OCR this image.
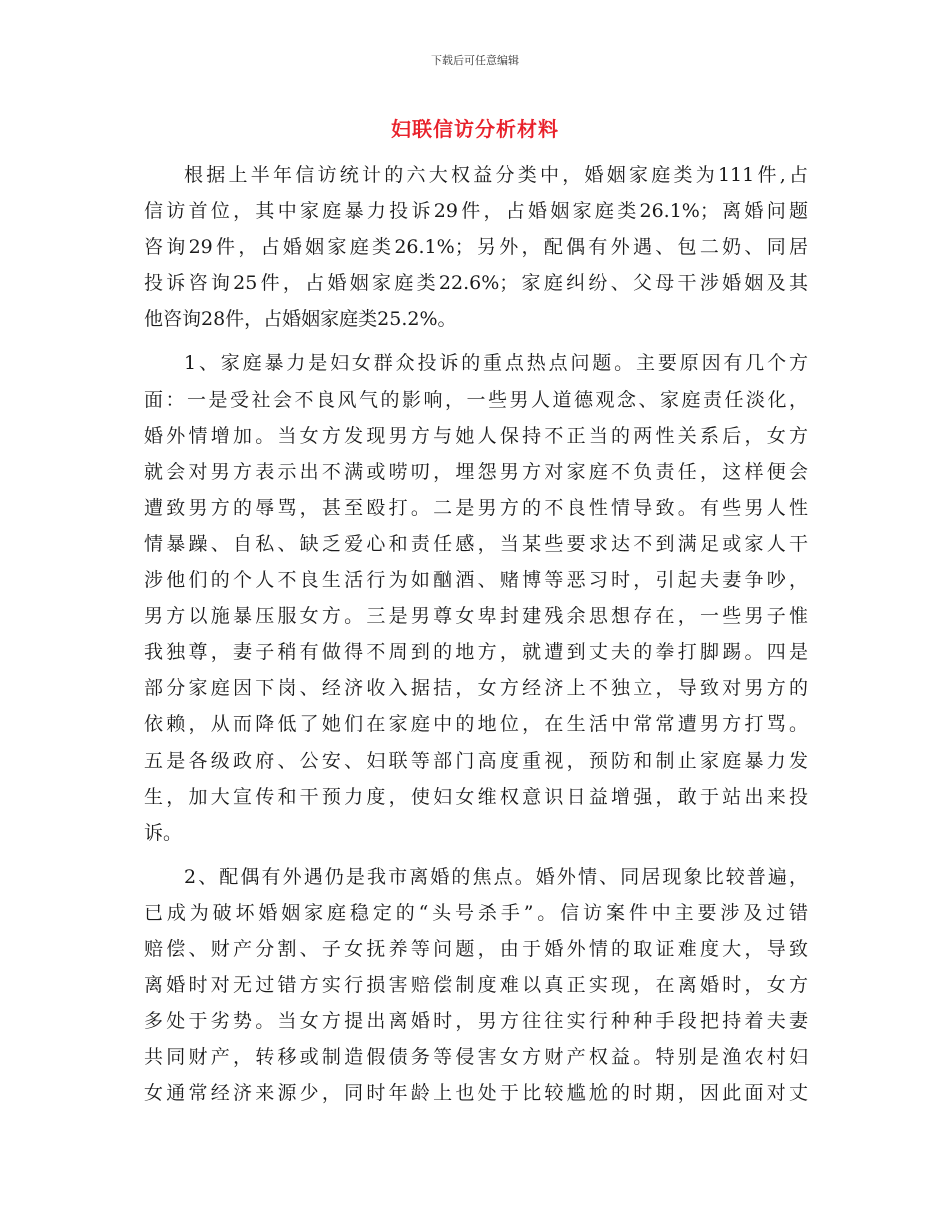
下载后可任意编辑
妇联信访分析材料
根据上半年信访统计的六大权益分类中，婚姻家庭类为111件,占
信访首位，其中家庭暴力投诉29件，占婚姻家庭类26.1%；离婚问题
咨询29件，占婚姻家庭类26.1%；另外，配偶有外遇、包二奶、同居
投诉咨询25件，占婚姻家庭类22.6%；家庭纠纷、父母干涉婚姻及其
他咨询28件，占婚姻家庭类25.2%。
1、家庭暴力是妇女群众投诉的重点热点问题。主要原因有几个方
面：一是受社会不良风气的影响，一些男人道德观念、家庭责任淡化，
婚外情增加。当女方发现男方与她人保持不正当的两性关系后，女方
就会对男方表示出不满或唠叨，埋怨男方对家庭不负责任，这样便会
遭致男方的辱骂，甚至殴打。二是男方的不良性情导致。有些男人性
情暴躁、自私、缺乏爱心和责任感，当某些要求达不到满足或家人干
涉他们的个人不良生活行为如酗酒、赌博等恶习时，引起夫妻争吵，
男方以施暴压服女方。三是男尊女卑封建残余思想存在，一些男子惟
我独尊，妻子稍有做得不周到的地方，就遭到丈夫的拳打脚踢。四是
部分家庭因下岗、经济收入据拮，女方经济上不独立，导致对男方的
依赖，从而降低了她们在家庭中的地位，在生活中常常遭男方打骂。
五是各级政府、公安、妇联等部门高度重视，预防和制止家庭暴力发
生，加大宣传和干预力度，使妇女维权意识日益增强，敢于站出来投
诉。
2、配偶有外遇仍是我市离婚的焦点。婚外情、同居现象比较普遍，
已成为破坏婚姻家庭稳定的“头号杀手”。信访案件中主要涉及过错
赔偿、财产分割、子女抚养等问题，由于婚外情的取证难度大，导致
离婚时对无过错方实行损害赔偿制度难以真正实现，在离婚时，女方
多处于劣势。当女方提出离婚时，男方往往实行种种手段把持着夫妻
共同财产，转移或制造假债务等侵害女方财产权益。特别是渔农村妇
女通常经济来源少，同时年龄上也处于比较尴尬的时期，因此面对丈
